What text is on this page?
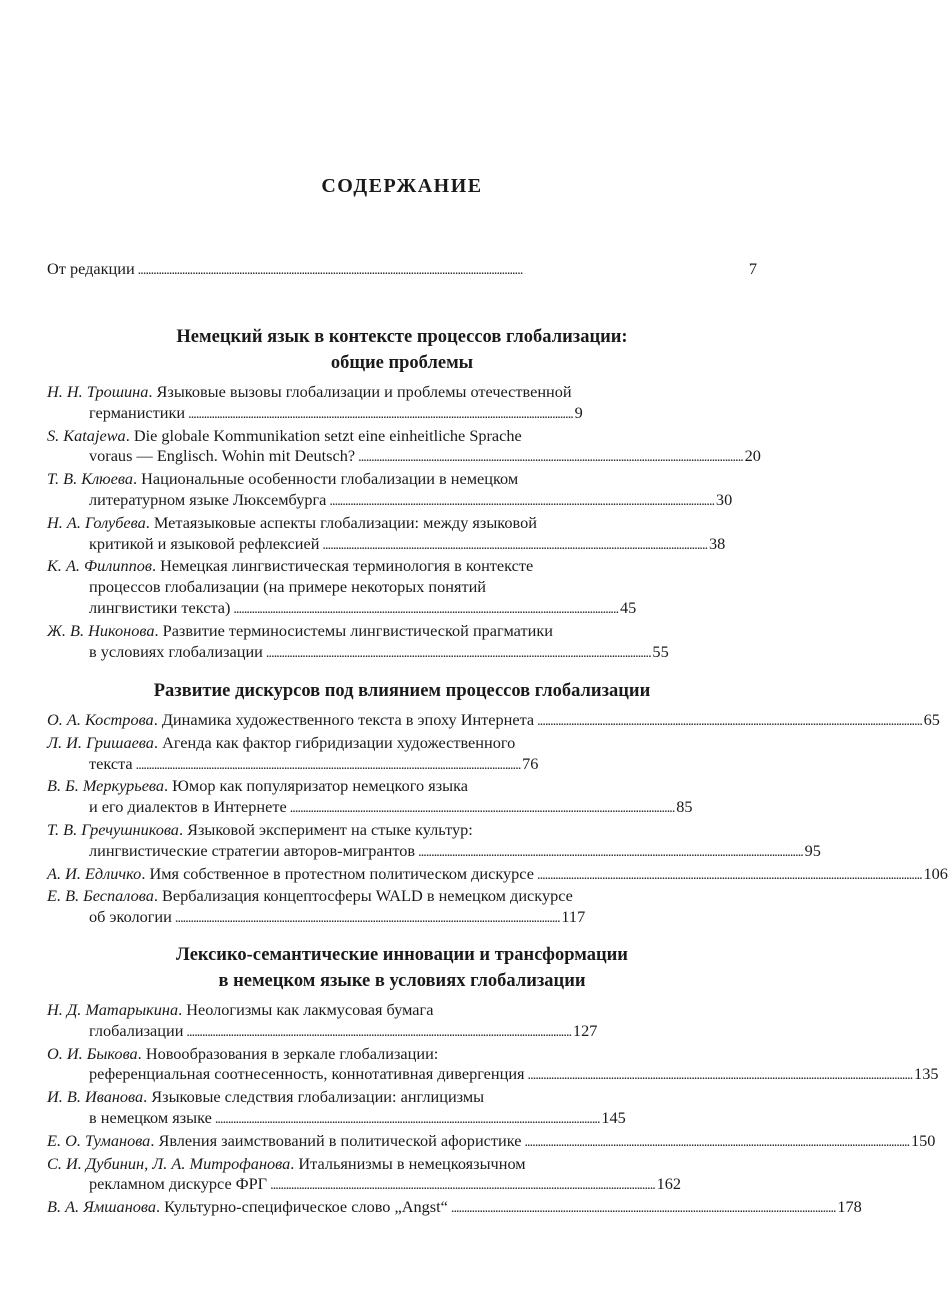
СОДЕРЖАНИЕ
От редакции . . .	7
Немецкий язык в контексте процессов глобализации:
общие проблемы
Н. Н. Трошина. Языковые вызовы глобализации и проблемы отечественной
германистики . . .	9
S. Katajewa. Die globale Kommunikation setzt eine einheitliche Sprache
voraus — Englisch. Wohin mit Deutsch? . . .	20
Т. В. Клюева. Национальные особенности глобализации в немецком
литературном языке Люксембурга . . .	30
Н. А. Голубева. Метаязыковые аспекты глобализации: между языковой
критикой и языковой рефлексией . . .	38
К. А. Филиппов. Немецкая лингвистическая терминология в контексте
процессов глобализации (на примере некоторых понятий
лингвистики текста) . . .	45
Ж. В. Никонова. Развитие терминосистемы лингвистической прагматики
в условиях глобализации . . .	55
Развитие дискурсов под влиянием процессов глобализации
О. А. Кострова. Динамика художественного текста в эпоху Интернета . . .	65
Л. И. Гришаева. Агенда как фактор гибридизации художественного
текста . . .	76
В. Б. Меркурьева. Юмор как популяризатор немецкого языка
и его диалектов в Интернете . . .	85
Т. В. Гречушникова. Языковой эксперимент на стыке культур:
лингвистические стратегии авторов-мигрантов . . .	95
А. И. Едличко. Имя собственное в протестном политическом дискурсе . . .	106
Е. В. Беспалова. Вербализация концептосферы WALD в немецком дискурсе
об экологии . . .	117
Лексико-семантические инновации и трансформации
в немецком языке в условиях глобализации
Н. Д. Матарыкина. Неологизмы как лакмусовая бумага
глобализации . . .	127
О. И. Быкова. Новообразования в зеркале глобализации:
референциальная соотнесенность, коннотативная дивергенция . . .	135
И. В. Иванова. Языковые следствия глобализации: англицизмы
в немецком языке . . .	145
Е. О. Туманова. Явления заимствований в политической афористике . . .	150
С. И. Дубинин, Л. А. Митрофанова. Итальянизмы в немецкоязычном
рекламном дискурсе ФРГ . . .	162
В. А. Ямшанова. Культурно-специфическое слово „Angst“ . . .	178
